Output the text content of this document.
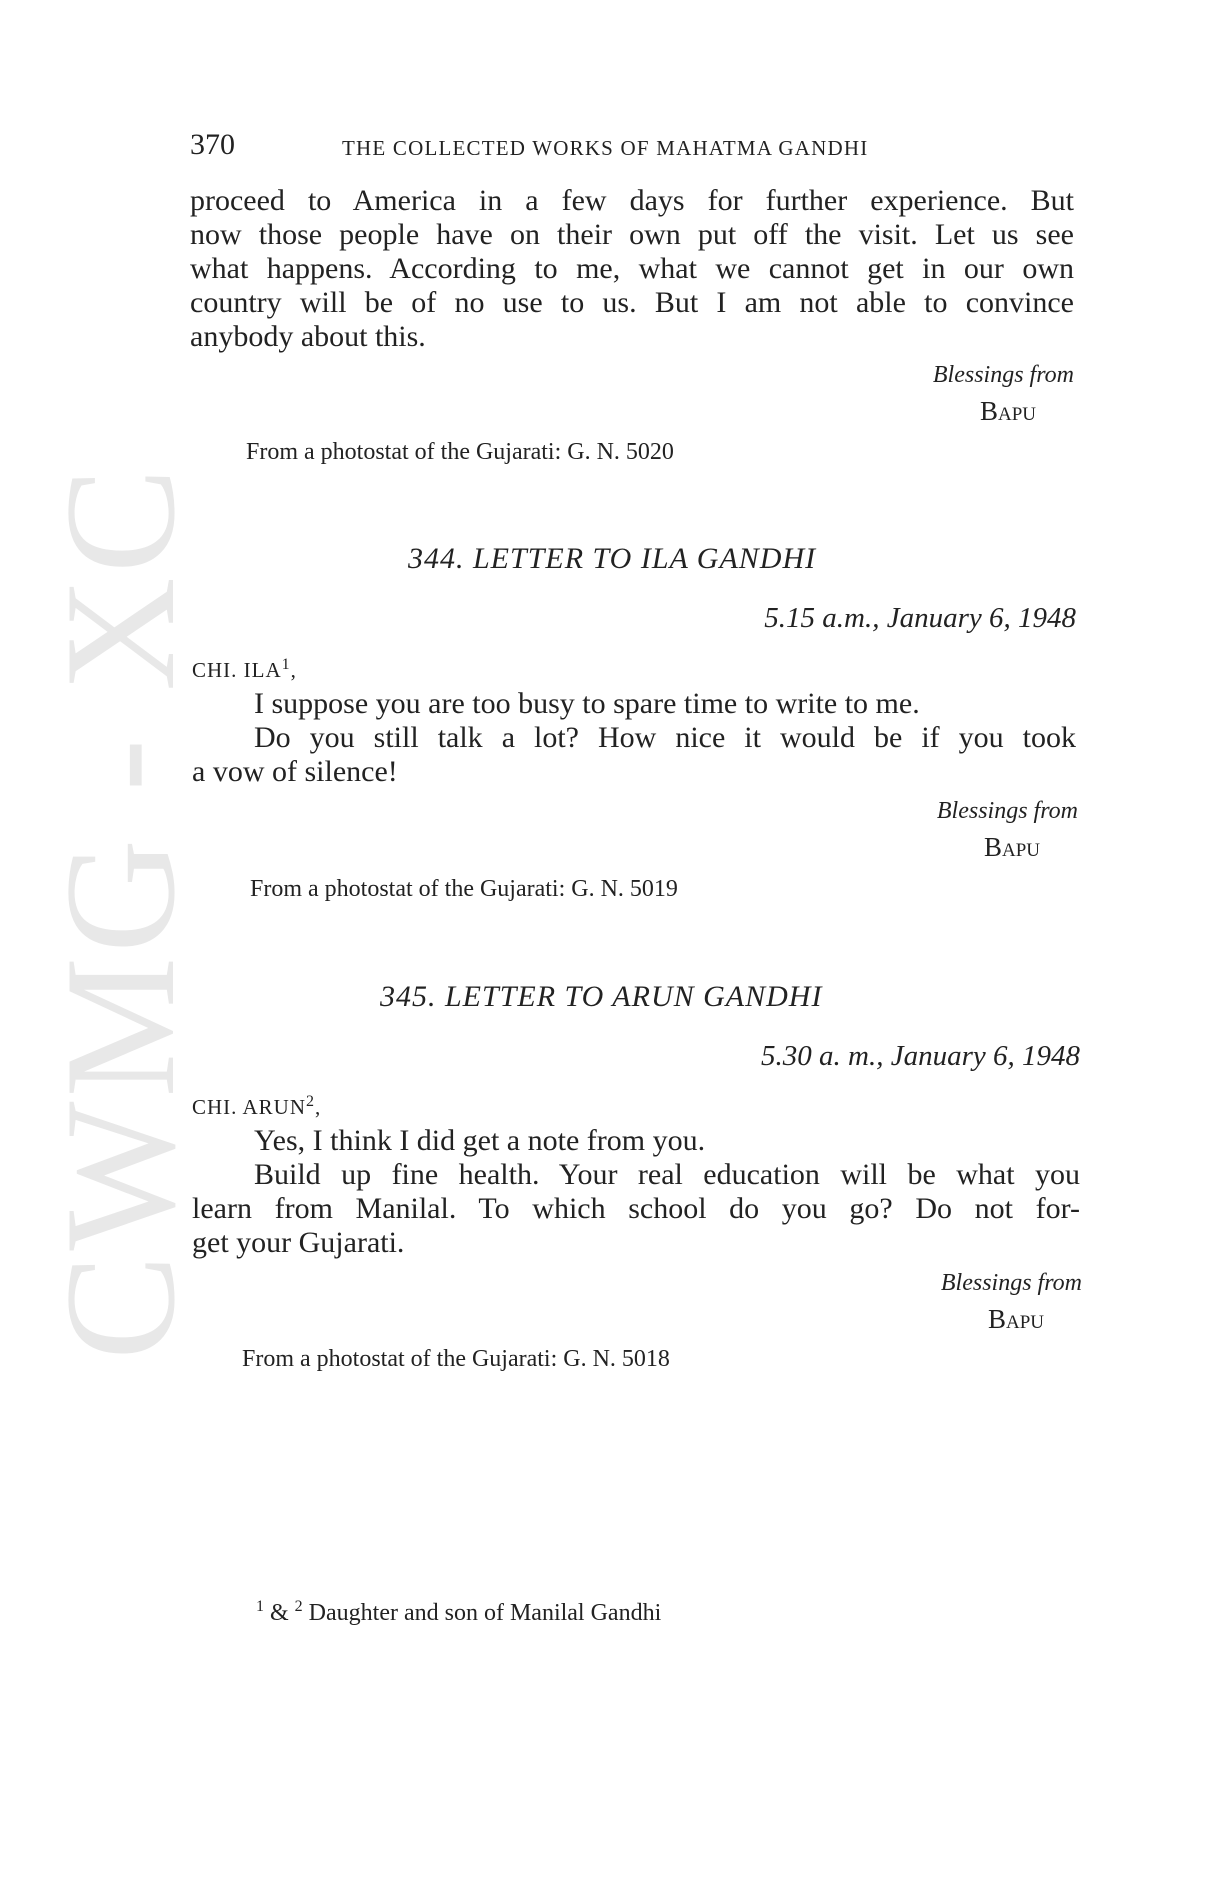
CWMG - XC
370	THE COLLECTED WORKS OF MAHATMA GANDHI
proceed to America in a few days for further experience. But
now those people have on their own put off the visit. Let us see
what happens. According to me, what we cannot get in our own
country will be of no use to us. But I am not able to convince
anybody about this.
Blessings from
Bapu
From a photostat of the Gujarati: G. N. 5020
344. LETTER TO ILA GANDHI
5.15 a.m., January 6, 1948
CHI. ILA$^1$,
I suppose you are too busy to spare time to write to me.
Do you still talk a lot? How nice it would be if you took
a vow of silence!
Blessings from
Bapu
From a photostat of the Gujarati: G. N. 5019
345. LETTER TO ARUN GANDHI
5.30 a. m., January 6, 1948
CHI. ARUN$^2$,
Yes, I think I did get a note from you.
Build up fine health. Your real education will be what you
learn from Manilal. To which school do you go? Do not for-
get your Gujarati.
Blessings from
Bapu
From a photostat of the Gujarati: G. N. 5018
$^1$ & $^2$ Daughter and son of Manilal Gandhi
